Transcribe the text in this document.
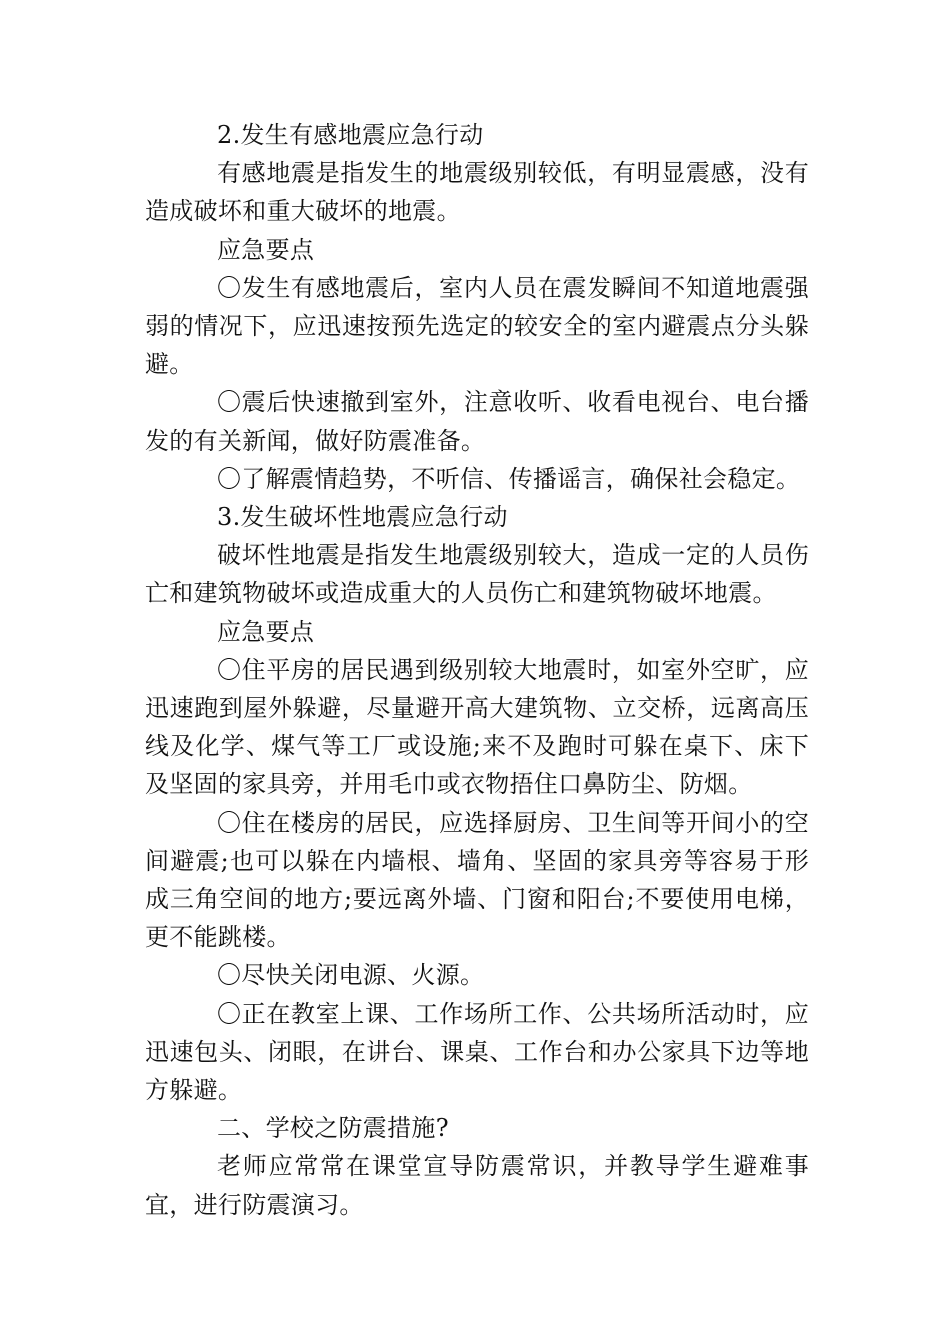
2.发生有感地震应急行动

有感地震是指发生的地震级别较低，有明显震感，没有造成破坏和重大破坏的地震。

应急要点

〇发生有感地震后，室内人员在震发瞬间不知道地震强弱的情况下，应迅速按预先选定的较安全的室内避震点分头躲避。

〇震后快速撤到室外，注意收听、收看电视台、电台播发的有关新闻，做好防震准备。

〇了解震情趋势，不听信、传播谣言，确保社会稳定。

3.发生破坏性地震应急行动

破坏性地震是指发生地震级别较大，造成一定的人员伤亡和建筑物破坏或造成重大的人员伤亡和建筑物破坏地震。

应急要点

〇住平房的居民遇到级别较大地震时，如室外空旷，应迅速跑到屋外躲避，尽量避开高大建筑物、立交桥，远离高压线及化学、煤气等工厂或设施;来不及跑时可躲在桌下、床下及坚固的家具旁，并用毛巾或衣物捂住口鼻防尘、防烟。

〇住在楼房的居民，应选择厨房、卫生间等开间小的空间避震;也可以躲在内墙根、墙角、坚固的家具旁等容易于形成三角空间的地方;要远离外墙、门窗和阳台;不要使用电梯，更不能跳楼。

〇尽快关闭电源、火源。

〇正在教室上课、工作场所工作、公共场所活动时，应迅速包头、闭眼，在讲台、课桌、工作台和办公家具下边等地方躲避。

二、学校之防震措施?

老师应常常在课堂宣导防震常识，并教导学生避难事宜，进行防震演习。
